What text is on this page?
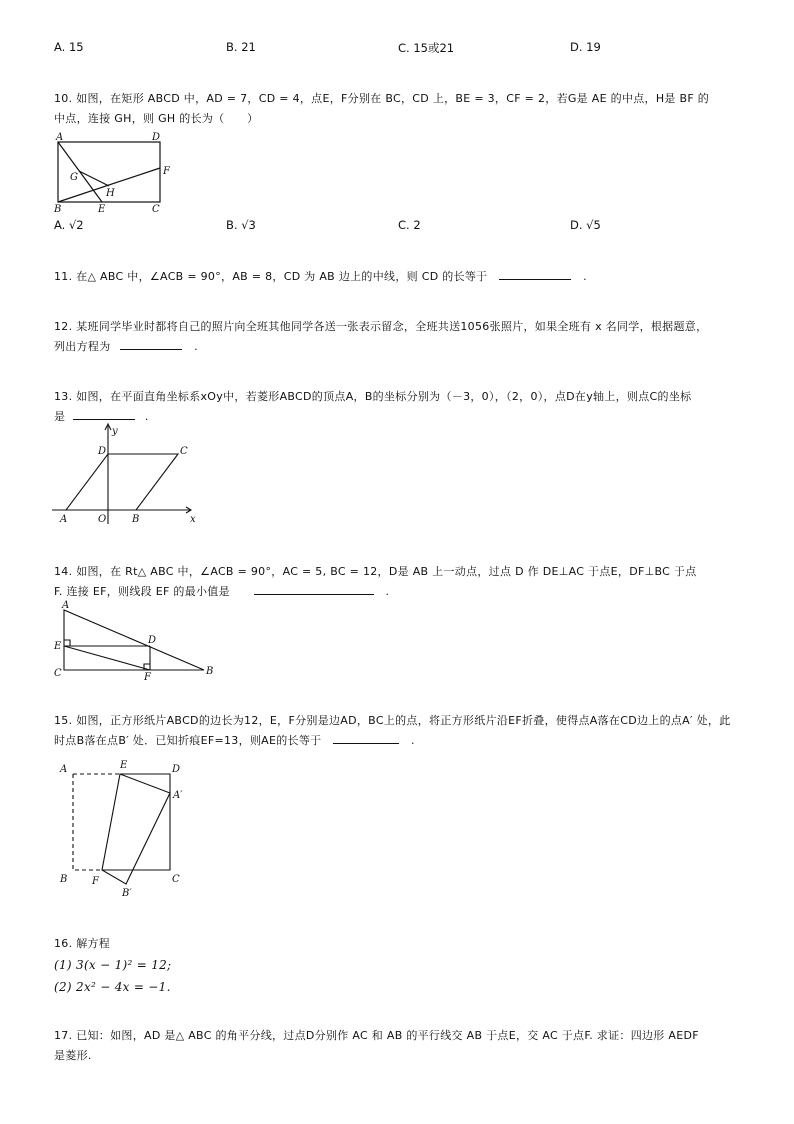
A. 15	B. 21	C. 15或21	D. 19
10. 如图，在矩形 ABCD 中，AD = 7，CD = 4，点E，F分别在 BC，CD 上，BE = 3，CF = 2，若G是 AE 的中点，H是 BF 的
中点，连接 GH，则 GH 的长为（　　）
A	D
G
F
H
B	E	C
A. √2	B. √3	C. 2	D. √5
11. 在△ ABC 中，∠ACB = 90°，AB = 8，CD 为 AB 边上的中线，则 CD 的长等于	.
12. 某班同学毕业时都将自己的照片向全班其他同学各送一张表示留念，全班共送1056张照片，如果全班有 x 名同学，根据题意，
列出方程为	.
13. 如图，在平面直角坐标系xOy中，若菱形ABCD的顶点A，B的坐标分别为（－3，0），（2，0），点D在y轴上，则点C的坐标
是	.
y
D	C
A	O	B	x
14. 如图，在 Rt△ ABC 中，∠ACB = 90°，AC = 5, BC = 12，D是 AB 上一动点，过点 D 作 DE⊥AC 于点E，DF⊥BC 于点
F. 连接 EF，则线段 EF 的最小值是	.
A
D
E
C	F
B
15. 如图，正方形纸片ABCD的边长为12，E，F分别是边AD，BC上的点，将正方形纸片沿EF折叠，使得点A落在CD边上的点A′ 处，此
时点B落在点B′ 处．已知折痕EF=13，则AE的长等于	.
A	E	D
A′
B F	C
B′
16. 解方程
(1) 3(x − 1)² = 12;
(2) 2x² − 4x = −1.
17. 已知：如图，AD 是△ ABC 的角平分线，过点D分别作 AC 和 AB 的平行线交 AB 于点E，交 AC 于点F. 求证：四边形 AEDF
是菱形.
